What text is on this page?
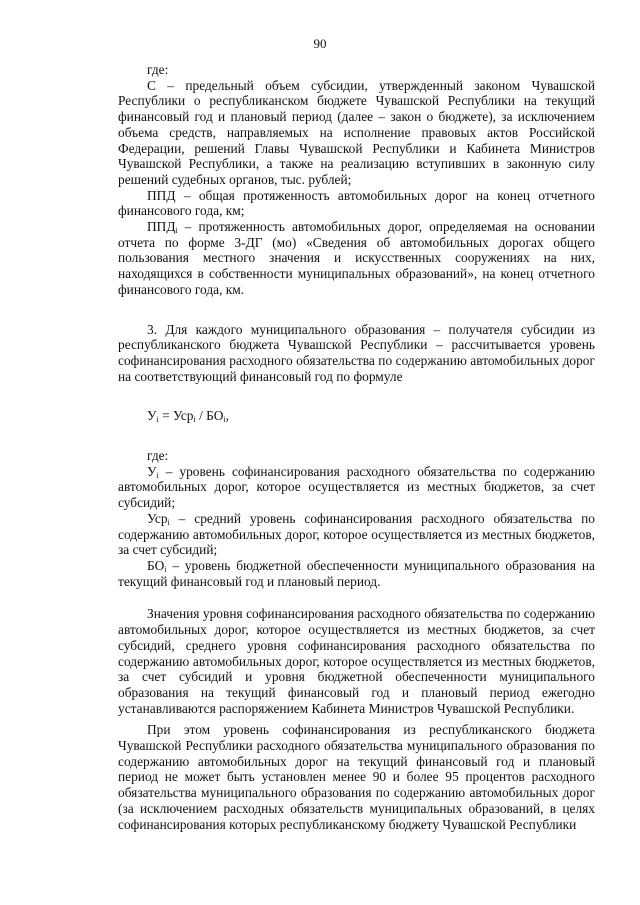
90

где:

С – предельный объем субсидии, утвержденный законом Чувашской Республики о республиканском бюджете Чувашской Республики на текущий финансовый год и плановый период (далее – закон о бюджете), за исключением объема средств, направляемых на исполнение правовых актов Российской Федерации, решений Главы Чувашской Республики и Кабинета Министров Чувашской Республики, а также на реализацию вступивших в законную силу решений судебных органов, тыс. рублей;

ППД – общая протяженность автомобильных дорог на конец отчетного финансового года, км;

$ППД_i$ – протяженность автомобильных дорог, определяемая на основании отчета по форме 3-ДГ (мо) «Сведения об автомобильных дорогах общего пользования местного значения и искусственных сооружениях на них, находящихся в собственности муниципальных образований», на конец отчетного финансового года, км.

3. Для каждого муниципального образования – получателя субсидии из республиканского бюджета Чувашской Республики – рассчитывается уровень софинансирования расходного обязательства по содержанию автомобильных дорог на соответствующий финансовый год по формуле

$У_i = Уср_i / БО_i$,

где:

$У_i$ – уровень софинансирования расходного обязательства по содержанию автомобильных дорог, которое осуществляется из местных бюджетов, за счет субсидий;

Уср$_i$ – средний уровень софинансирования расходного обязательства по содержанию автомобильных дорог, которое осуществляется из местных бюджетов, за счет субсидий;

$БО_i$ – уровень бюджетной обеспеченности муниципального образования на текущий финансовый год и плановый период.

Значения уровня софинансирования расходного обязательства по содержанию автомобильных дорог, которое осуществляется из местных бюджетов, за счет субсидий, среднего уровня софинансирования расходного обязательства по содержанию автомобильных дорог, которое осуществляется из местных бюджетов, за счет субсидий и уровня бюджетной обеспеченности муниципального образования на текущий финансовый год и плановый период ежегодно устанавливаются распоряжением Кабинета Министров Чувашской Республики.

При этом уровень софинансирования из республиканского бюджета Чувашской Республики расходного обязательства муниципального образования по содержанию автомобильных дорог на текущий финансовый год и плановый период не может быть установлен менее 90 и более 95 процентов расходного обязательства муниципального образования по содержанию автомобильных дорог (за исключением расходных обязательств муниципальных образований, в целях софинансирования которых республиканскому бюджету Чувашской Республики
